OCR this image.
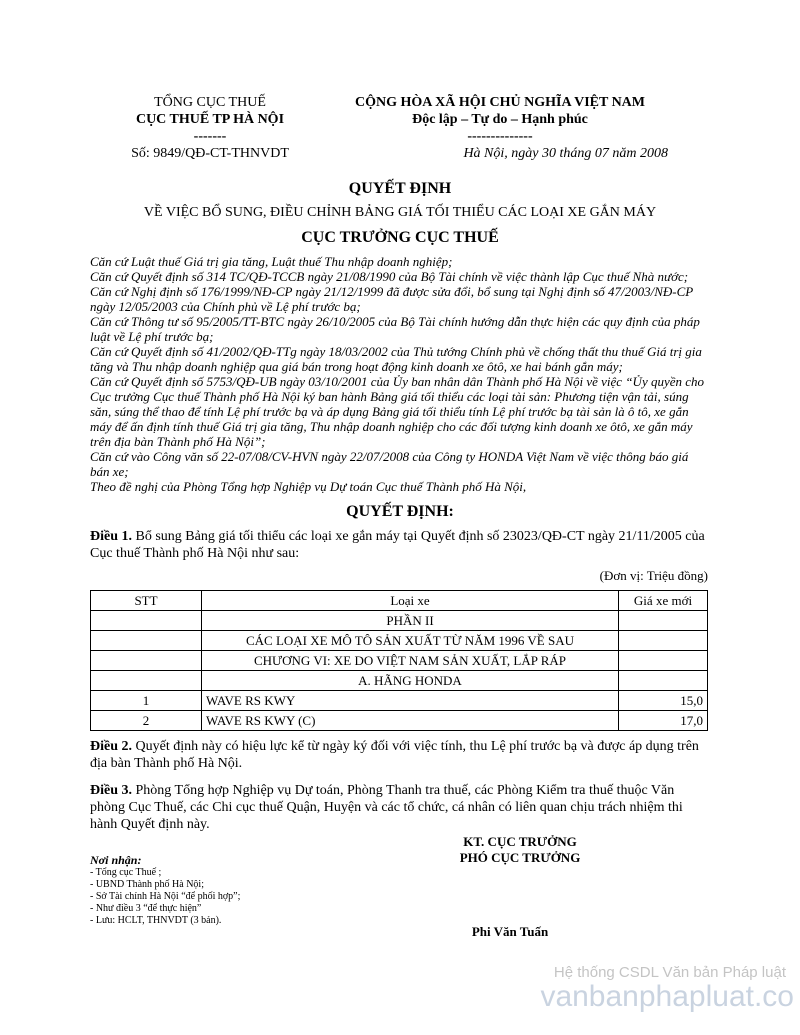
TỔNG CỤC THUẾ
CỤC THUẾ TP HÀ NỘI
-------
Số: 9849/QĐ-CT-THNVDT
CỘNG HÒA XÃ HỘI CHỦ NGHĨA VIỆT NAM
Độc lập – Tự do – Hạnh phúc
--------------
Hà Nội, ngày 30 tháng 07 năm 2008
QUYẾT ĐỊNH
VỀ VIỆC BỔ SUNG, ĐIỀU CHỈNH BẢNG GIÁ TỐI THIỂU CÁC LOẠI XE GẮN MÁY
CỤC TRƯỞNG CỤC THUẾ

Căn cứ Luật thuế Giá trị gia tăng, Luật thuế Thu nhập doanh nghiệp;

Căn cứ Quyết định số 314 TC/QĐ-TCCB ngày 21/08/1990 của Bộ Tài chính về việc thành lập Cục thuế Nhà nước;

Căn cứ Nghị định số 176/1999/NĐ-CP ngày 21/12/1999 đã được sửa đổi, bổ sung tại Nghị định số 47/2003/NĐ-CP ngày 12/05/2003 của Chính phủ về Lệ phí trước bạ;

Căn cứ Thông tư số 95/2005/TT-BTC ngày 26/10/2005 của Bộ Tài chính hướng dẫn thực hiện các quy định của pháp luật về Lệ phí trước bạ;

Căn cứ Quyết định số 41/2002/QĐ-TTg ngày 18/03/2002 của Thủ tướng Chính phủ về chống thất thu thuế Giá trị gia tăng và Thu nhập doanh nghiệp qua giá bán trong hoạt động kinh doanh xe ôtô, xe hai bánh gắn máy;

Căn cứ Quyết định số 5753/QĐ-UB ngày 03/10/2001 của Ủy ban nhân dân Thành phố Hà Nội về việc “Ủy quyền cho Cục trưởng Cục thuế Thành phố Hà Nội ký ban hành Bảng giá tối thiểu các loại tài sản: Phương tiện vận tải, súng săn, súng thể thao để tính Lệ phí trước bạ và áp dụng Bảng giá tối thiểu tính Lệ phí trước bạ tài sản là ô tô, xe gắn máy để ấn định tính thuế Giá trị gia tăng, Thu nhập doanh nghiệp cho các đối tượng kinh doanh xe ôtô, xe gắn máy trên địa bàn Thành phố Hà Nội”;

Căn cứ vào Công văn số 22-07/08/CV-HVN ngày 22/07/2008 của Công ty HONDA Việt Nam về việc thông báo giá bán xe;

Theo đề nghị của Phòng Tổng hợp Nghiệp vụ Dự toán Cục thuế Thành phố Hà Nội,

QUYẾT ĐỊNH:
Điều 1. Bổ sung Bảng giá tối thiểu các loại xe gắn máy tại Quyết định số 23023/QĐ-CT ngày 21/11/2005 của Cục thuế Thành phố Hà Nội như sau:
(Đơn vị: Triệu đồng)
STT	Loại xe	Giá xe mới
	PHẦN II	
	CÁC LOẠI XE MÔ TÔ SẢN XUẤT TỪ NĂM 1996 VỀ SAU	
	CHƯƠNG VI: XE DO VIỆT NAM SẢN XUẤT, LẮP RÁP	
	A. HÃNG HONDA	
1	WAVE RS KWY	15,0
2	WAVE RS KWY (C)	17,0
Điều 2. Quyết định này có hiệu lực kể từ ngày ký đối với việc tính, thu Lệ phí trước bạ và được áp dụng trên địa bàn Thành phố Hà Nội.
Điều 3. Phòng Tổng hợp Nghiệp vụ Dự toán, Phòng Thanh tra thuế, các Phòng Kiểm tra thuế thuộc Văn phòng Cục Thuế, các Chi cục thuế Quận, Huyện và các tổ chức, cá nhân có liên quan chịu trách nhiệm thi hành Quyết định này.
KT. CỤC TRƯỞNG
PHÓ CỤC TRƯỞNG
Phi Văn Tuấn
Nơi nhận:
- Tổng cục Thuế ;
- UBND Thành phố Hà Nội;
- Sở Tài chính Hà Nội “để phối hợp”;
- Như điều 3 “để thực hiện”
- Lưu: HCLT, THNVDT (3 bản).
Hệ thống CSDL Văn bản Pháp luật
vanbanphapluat.co
